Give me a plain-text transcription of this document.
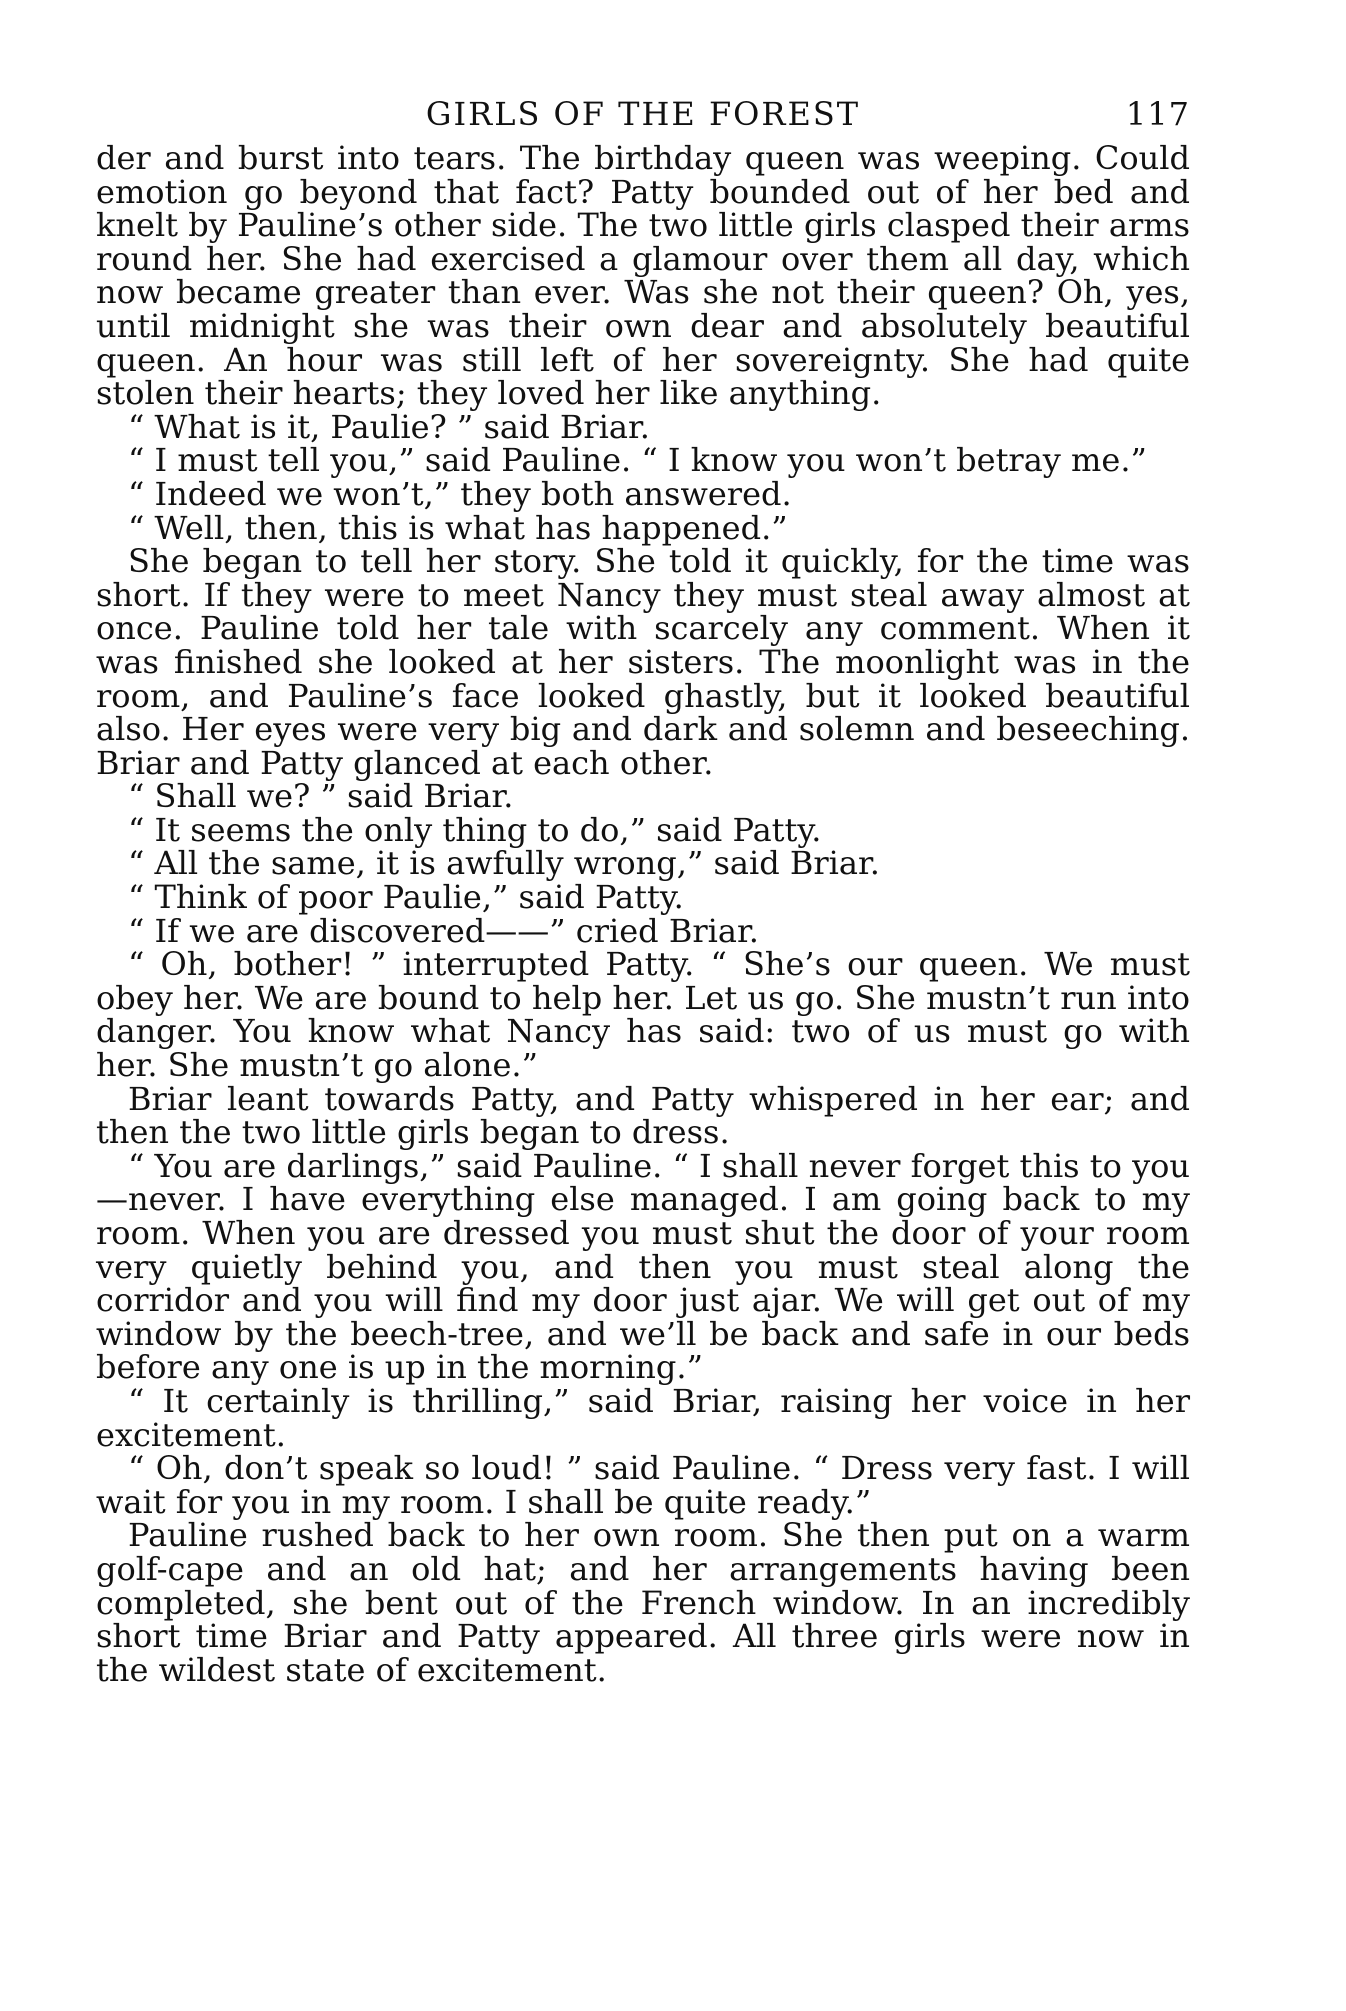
GIRLS OF THE FOREST	117

der and burst into tears. The birthday queen was weeping. Could emotion go beyond that fact? Patty bounded out of her bed and knelt by Pauline’s other side. The two little girls clasped their arms round her. She had exercised a glamour over them all day, which now became greater than ever. Was she not their queen? Oh, yes, until midnight she was their own dear and absolutely beautiful queen. An hour was still left of her sovereignty. She had quite stolen their hearts; they loved her like anything.

“ What is it, Paulie? ” said Briar.

“ I must tell you,” said Pauline. “ I know you won’t betray me.”

“ Indeed we won’t,” they both answered.

“ Well, then, this is what has happened.”

She began to tell her story. She told it quickly, for the time was short. If they were to meet Nancy they must steal away almost at once. Pauline told her tale with scarcely any comment. When it was finished she looked at her sisters. The moonlight was in the room, and Pauline’s face looked ghastly, but it looked beautiful also. Her eyes were very big and dark and solemn and beseeching. Briar and Patty glanced at each other.

“ Shall we? ” said Briar.

“ It seems the only thing to do,” said Patty.

“ All the same, it is awfully wrong,” said Briar.

“ Think of poor Paulie,” said Patty.

“ If we are discovered——” cried Briar.

“ Oh, bother! ” interrupted Patty. “ She’s our queen. We must obey her. We are bound to help her. Let us go. She mustn’t run into danger. You know what Nancy has said: two of us must go with her. She mustn’t go alone.”

Briar leant towards Patty, and Patty whispered in her ear; and then the two little girls began to dress.

“ You are darlings,” said Pauline. “ I shall never forget this to you—never. I have everything else managed. I am going back to my room. When you are dressed you must shut the door of your room very quietly behind you, and then you must steal along the corridor and you will find my door just ajar. We will get out of my window by the beech-tree, and we’ll be back and safe in our beds before any one is up in the morning.”

“ It certainly is thrilling,” said Briar, raising her voice in her excitement.

“ Oh, don’t speak so loud! ” said Pauline. “ Dress very fast. I will wait for you in my room. I shall be quite ready.”

Pauline rushed back to her own room. She then put on a warm golf-cape and an old hat; and her arrangements having been completed, she bent out of the French window. In an incredibly short time Briar and Patty appeared. All three girls were now in the wildest state of excitement.
